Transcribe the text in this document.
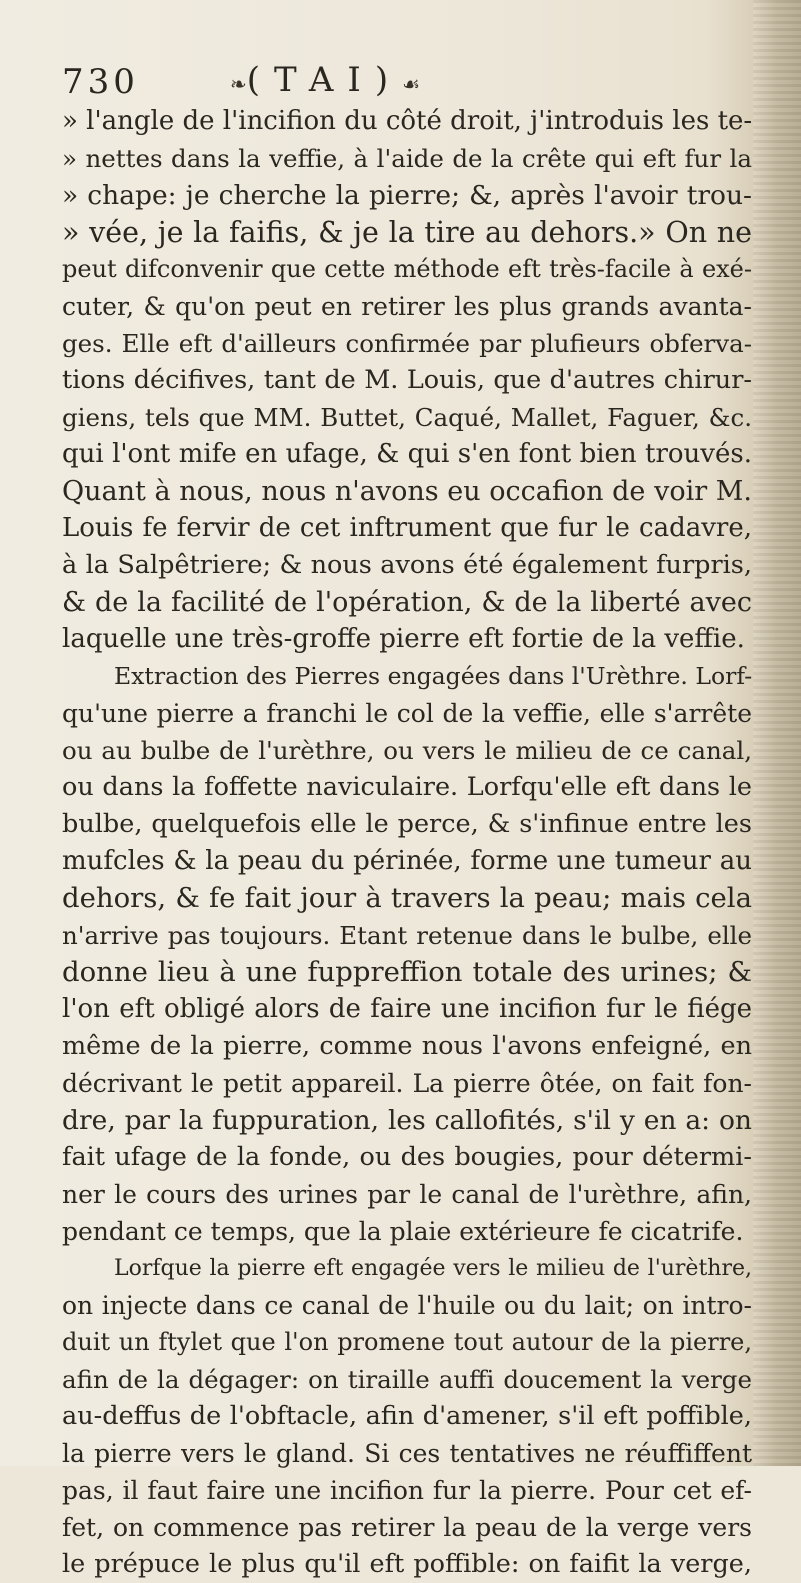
730	❧(TAI)☙
» l'angle de l'incifion du côté droit, j'introduis les te-
» nettes dans la veffie, à l'aide de la crête qui eft fur la
» chape: je cherche la pierre; &, après l'avoir trou-
» vée, je la faifis, & je la tire au dehors.» On ne
peut difconvenir que cette méthode eft très-facile à exé-
cuter, & qu'on peut en retirer les plus grands avanta-
ges. Elle eft d'ailleurs confirmée par plufieurs obferva-
tions décifives, tant de M. Louis, que d'autres chirur-
giens, tels que MM. Buttet, Caqué, Mallet, Faguer, &c.
qui l'ont mife en ufage, & qui s'en font bien trouvés.
Quant à nous, nous n'avons eu occafion de voir M.
Louis fe fervir de cet inftrument que fur le cadavre,
à la Salpêtriere; & nous avons été également furpris,
& de la facilité de l'opération, & de la liberté avec
laquelle une très-groffe pierre eft fortie de la veffie.
Extraction des Pierres engagées dans l'Urèthre. Lorf-
qu'une pierre a franchi le col de la veffie, elle s'arrête
ou au bulbe de l'urèthre, ou vers le milieu de ce canal,
ou dans la foffette naviculaire. Lorfqu'elle eft dans le
bulbe, quelquefois elle le perce, & s'infinue entre les
mufcles & la peau du périnée, forme une tumeur au
dehors, & fe fait jour à travers la peau; mais cela
n'arrive pas toujours. Etant retenue dans le bulbe, elle
donne lieu à une fuppreffion totale des urines; &
l'on eft obligé alors de faire une incifion fur le fiége
même de la pierre, comme nous l'avons enfeigné, en
décrivant le petit appareil. La pierre ôtée, on fait fon-
dre, par la fuppuration, les callofités, s'il y en a: on
fait ufage de la fonde, ou des bougies, pour détermi-
ner le cours des urines par le canal de l'urèthre, afin,
pendant ce temps, que la plaie extérieure fe cicatrife.
Lorfque la pierre eft engagée vers le milieu de l'urèthre,
on injecte dans ce canal de l'huile ou du lait; on intro-
duit un ftylet que l'on promene tout autour de la pierre,
afin de la dégager: on tiraille auffi doucement la verge
au-deffus de l'obftacle, afin d'amener, s'il eft poffible,
la pierre vers le gland. Si ces tentatives ne réuffiffent
pas, il faut faire une incifion fur la pierre. Pour cet ef-
fet, on commence pas retirer la peau de la verge vers
le prépuce le plus qu'il eft poffible: on faifit la verge,
